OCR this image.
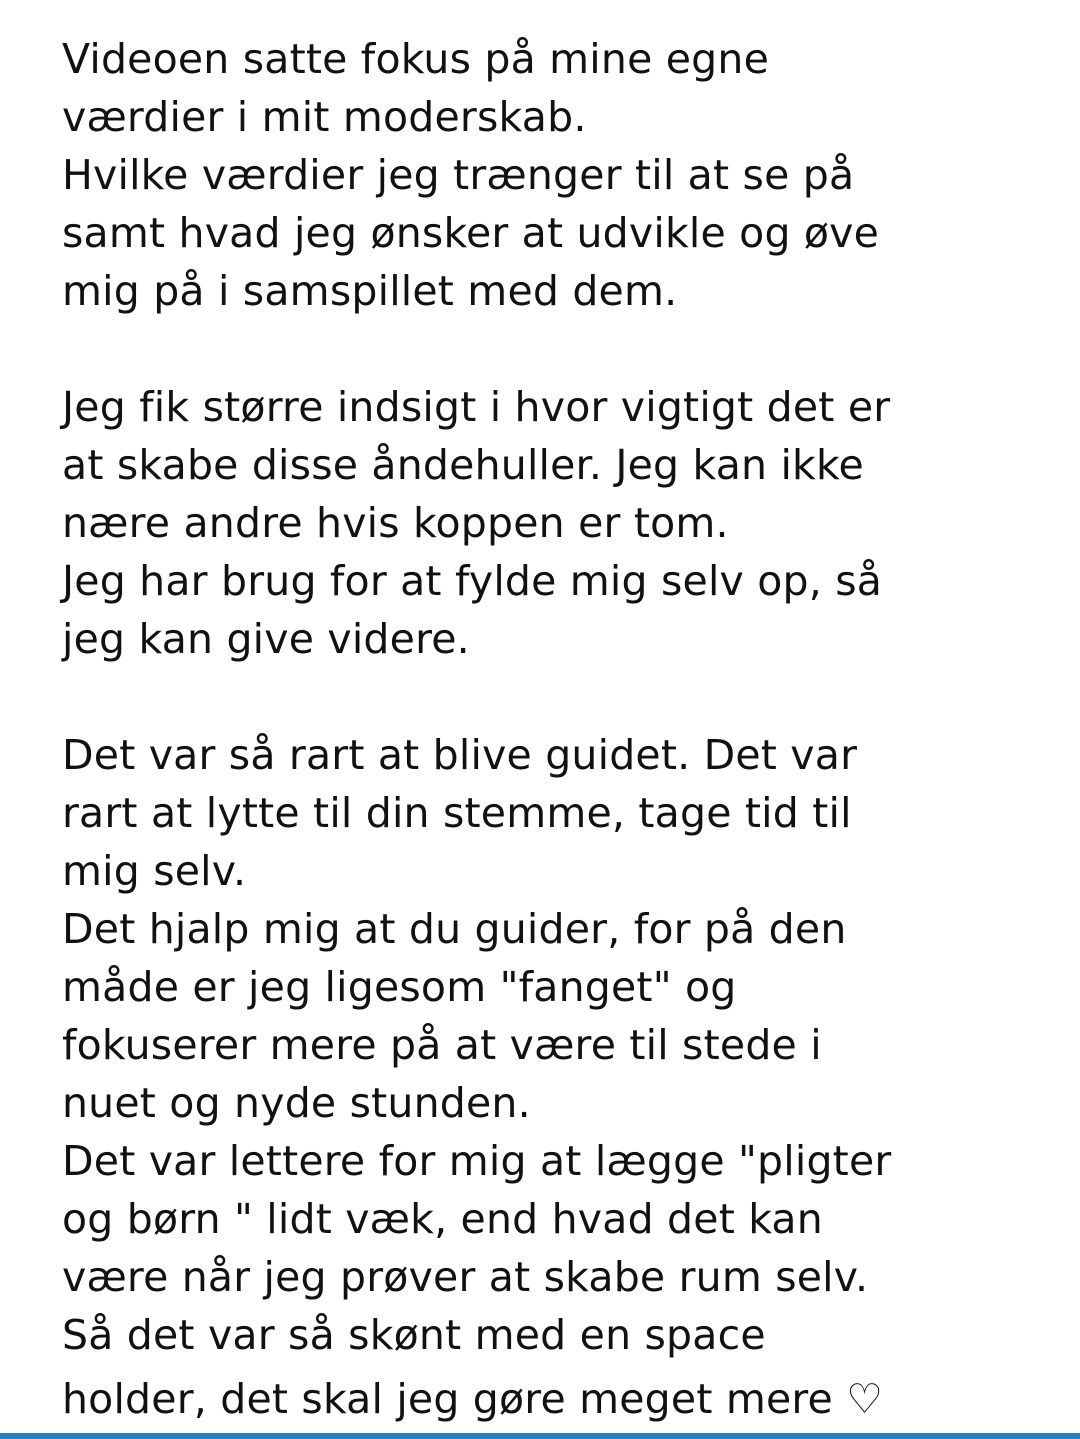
Videoen satte fokus på mine egne
værdier i mit moderskab.
Hvilke værdier jeg trænger til at se på
samt hvad jeg ønsker at udvikle og øve
mig på i samspillet med dem.
Jeg fik større indsigt i hvor vigtigt det er
at skabe disse åndehuller. Jeg kan ikke
nære andre hvis koppen er tom.
Jeg har brug for at fylde mig selv op, så
jeg kan give videre.
Det var så rart at blive guidet. Det var
rart at lytte til din stemme, tage tid til
mig selv.
Det hjalp mig at du guider, for på den
måde er jeg ligesom "fanget" og
fokuserer mere på at være til stede i
nuet og nyde stunden.
Det var lettere for mig at lægge "pligter
og børn " lidt væk, end hvad det kan
være når jeg prøver at skabe rum selv.
Så det var så skønt med en space
holder, det skal jeg gøre meget mere ♡
